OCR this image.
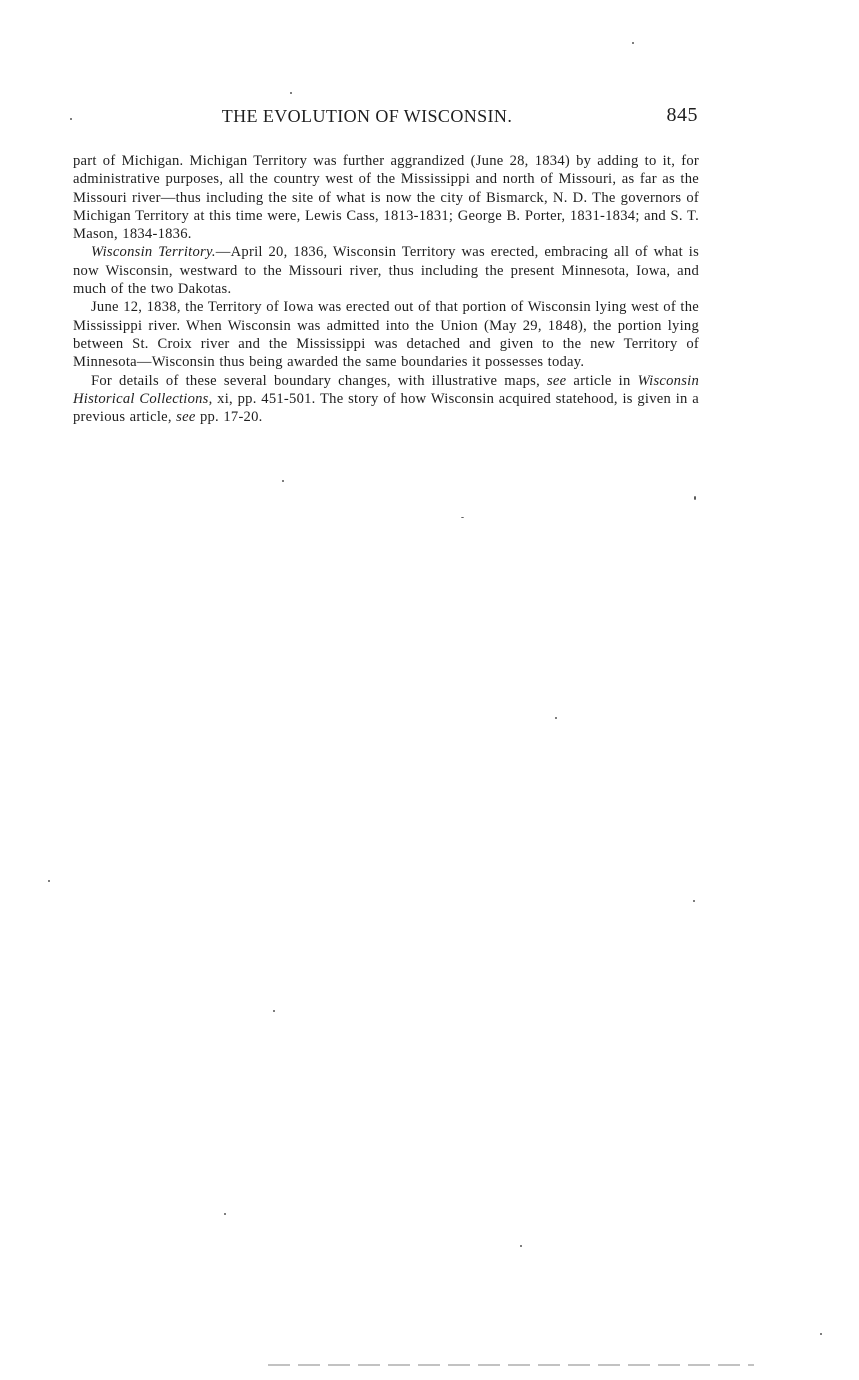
THE EVOLUTION OF WISCONSIN.	845

part of Michigan. Michigan Territory was further aggrandized (June 28, 1834) by adding to it, for administrative purposes, all the country west of the Mississippi and north of Missouri, as far as the Missouri river—thus including the site of what is now the city of Bismarck, N. D. The governors of Michigan Territory at this time were, Lewis Cass, 1813-1831; George B. Porter, 1831-1834; and S. T. Mason, 1834-1836.

Wisconsin Territory.—April 20, 1836, Wisconsin Territory was erected, embracing all of what is now Wisconsin, westward to the Missouri river, thus including the present Minnesota, Iowa, and much of the two Dakotas.

June 12, 1838, the Territory of Iowa was erected out of that portion of Wisconsin lying west of the Mississippi river. When Wisconsin was admitted into the Union (May 29, 1848), the portion lying between St. Croix river and the Mississippi was detached and given to the new Territory of Minnesota—Wisconsin thus being awarded the same boundaries it possesses today.

For details of these several boundary changes, with illustrative maps, see article in Wisconsin Historical Collections, xi, pp. 451-501. The story of how Wisconsin acquired statehood, is given in a previous article, see pp. 17-20.
